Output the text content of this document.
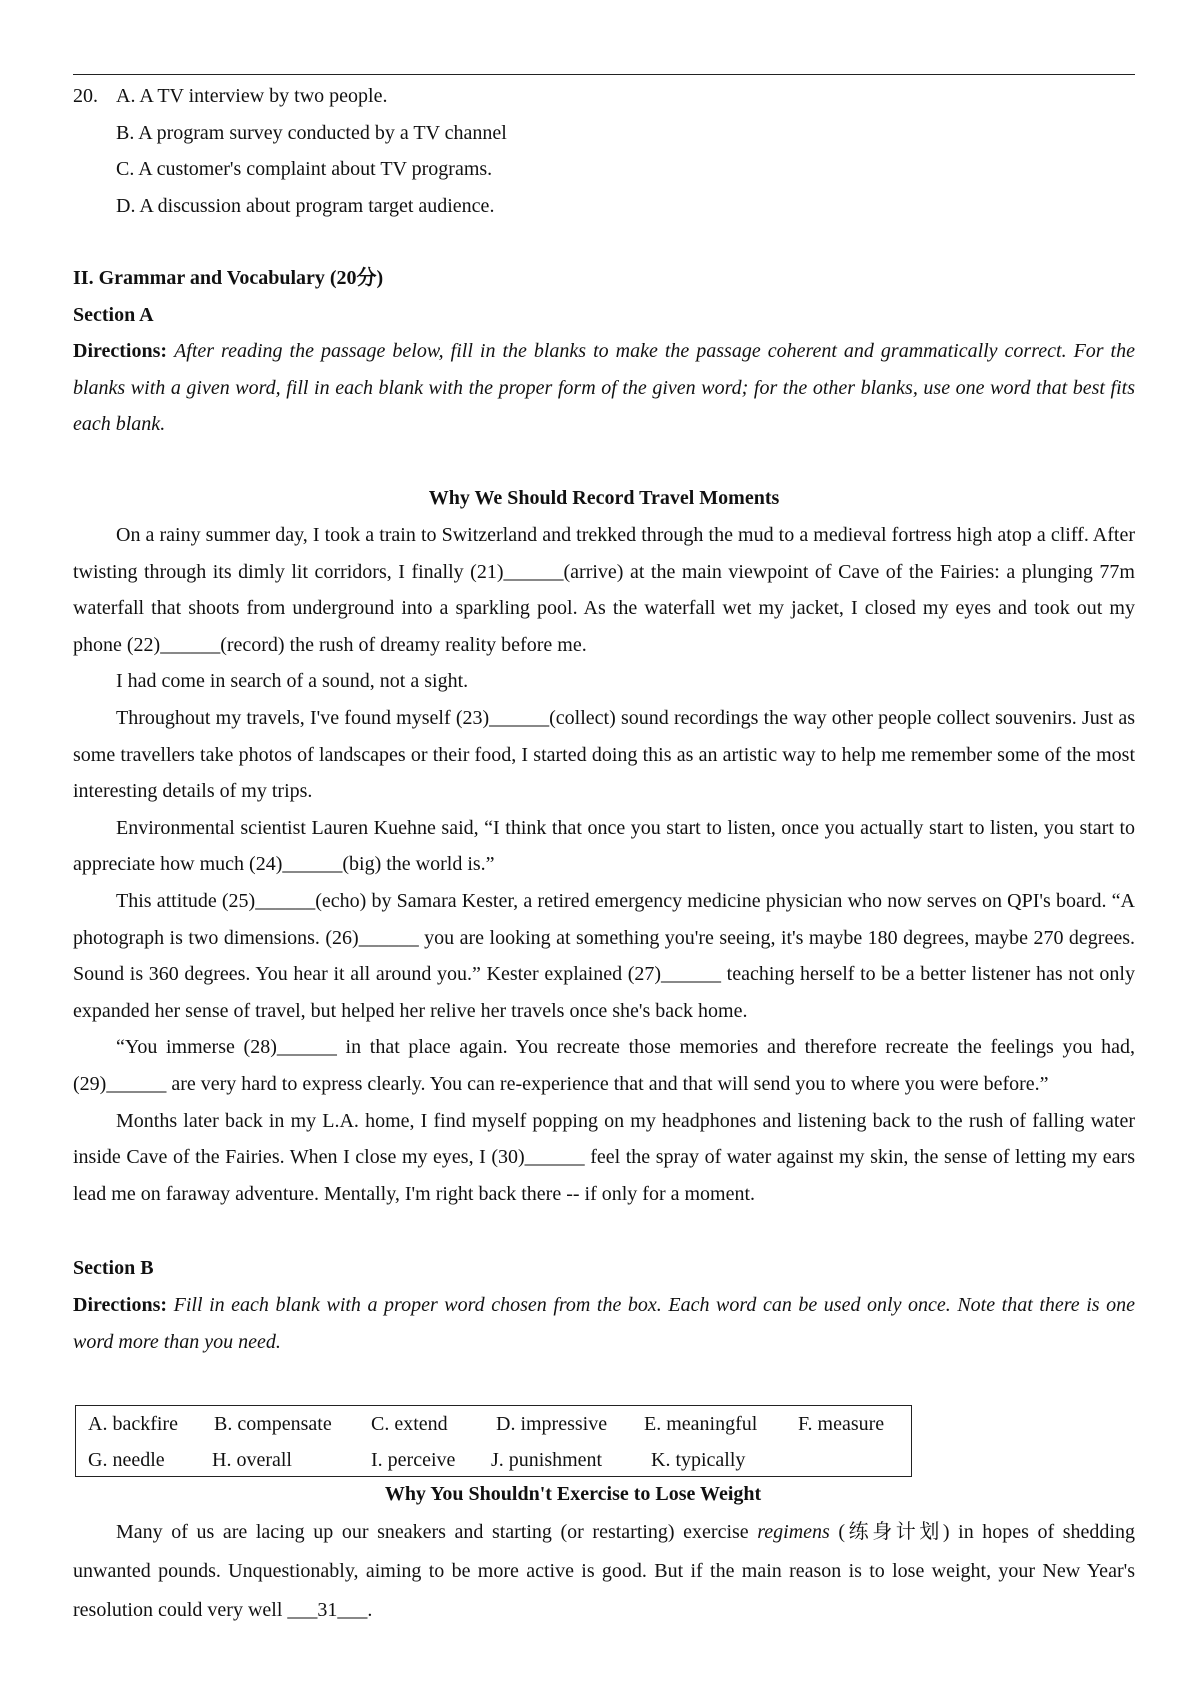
20. A. A TV interview by two people.
B. A program survey conducted by a TV channel
C. A customer's complaint about TV programs.
D. A discussion about program target audience.
II. Grammar and Vocabulary (20分)
Section A
Directions: After reading the passage below, fill in the blanks to make the passage coherent and grammatically correct. For the blanks with a given word, fill in each blank with the proper form of the given word; for the other blanks, use one word that best fits each blank.
Why We Should Record Travel Moments

On a rainy summer day, I took a train to Switzerland and trekked through the mud to a medieval fortress high atop a cliff. After twisting through its dimly lit corridors, I finally (21)______(arrive) at the main viewpoint of Cave of the Fairies: a plunging 77m waterfall that shoots from underground into a sparkling pool. As the waterfall wet my jacket, I closed my eyes and took out my phone (22)______(record) the rush of dreamy reality before me.

I had come in search of a sound, not a sight.

Throughout my travels, I've found myself (23)______(collect) sound recordings the way other people collect souvenirs. Just as some travellers take photos of landscapes or their food, I started doing this as an artistic way to help me remember some of the most interesting details of my trips.

Environmental scientist Lauren Kuehne said, “I think that once you start to listen, once you actually start to listen, you start to appreciate how much (24)______(big) the world is.”

This attitude (25)______(echo) by Samara Kester, a retired emergency medicine physician who now serves on QPI's board. “A photograph is two dimensions. (26)______ you are looking at something you're seeing, it's maybe 180 degrees, maybe 270 degrees. Sound is 360 degrees. You hear it all around you.” Kester explained (27)______ teaching herself to be a better listener has not only expanded her sense of travel, but helped her relive her travels once she's back home.

“You immerse (28)______ in that place again. You recreate those memories and therefore recreate the feelings you had, (29)______ are very hard to express clearly. You can re-experience that and that will send you to where you were before.”

Months later back in my L.A. home, I find myself popping on my headphones and listening back to the rush of falling water inside Cave of the Fairies. When I close my eyes, I (30)______ feel the spray of water against my skin, the sense of letting my ears lead me on faraway adventure. Mentally, I'm right back there -- if only for a moment.

Section B
Directions: Fill in each blank with a proper word chosen from the box. Each word can be used only once. Note that there is one word more than you need.
A. backfire B. compensate C. extend D. impressive E. meaningful F. measure
G. needle H. overall	I. perceive J. punishment K. typically
Why You Shouldn't Exercise to Lose Weight

Many of us are lacing up our sneakers and starting (or restarting) exercise regimens (练身计划) in hopes of shedding unwanted pounds. Unquestionably, aiming to be more active is good. But if the main reason is to lose weight, your New Year's resolution could very well ___31___.
